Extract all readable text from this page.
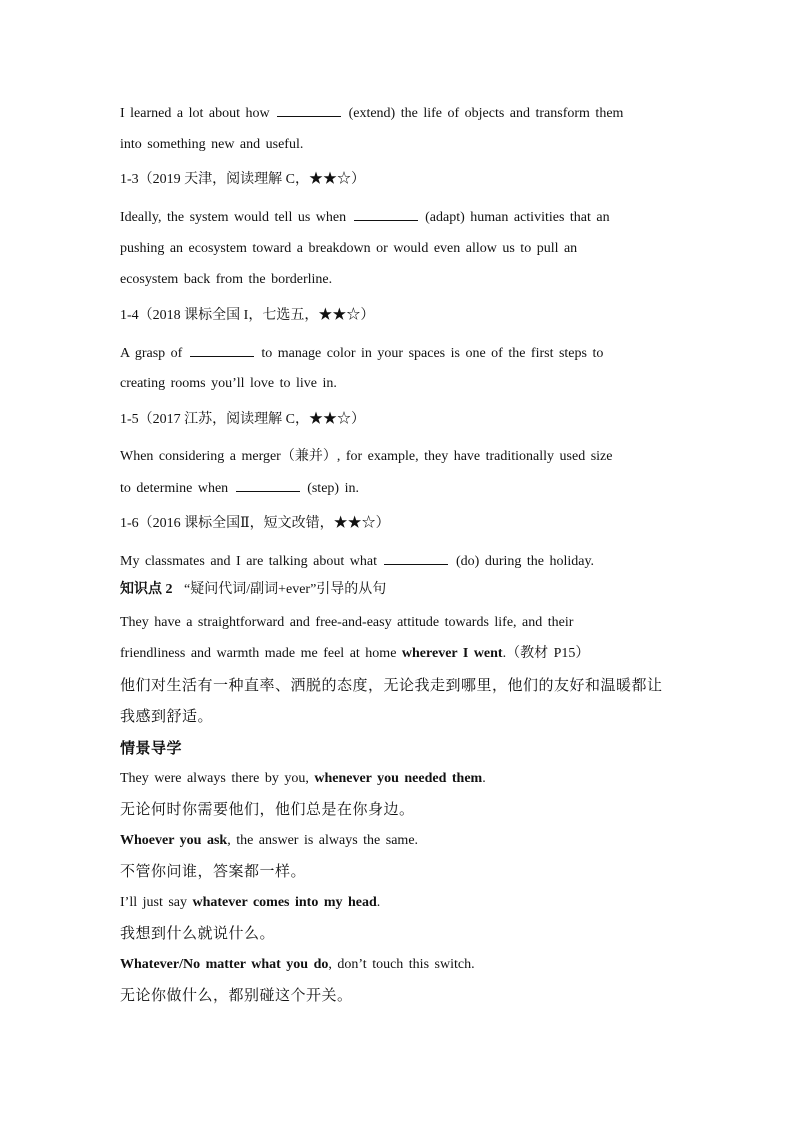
I learned a lot about how	(extend) the life of objects and transform them
into something new and useful.
1-3（2019 天津，阅读理解 C，★★☆）
Ideally, the system would tell us when	(adapt) human activities that an
pushing an ecosystem toward a breakdown or would even allow us to pull an
ecosystem back from the borderline.
1-4（2018 课标全国 I，七选五，★★☆）
A grasp of	to manage color in your spaces is one of the first steps to
creating rooms you’ll love to live in.
1-5（2017 江苏，阅读理解 C，★★☆）
When considering a merger（兼并）, for example, they have traditionally used size
to determine when	(step) in.
1-6（2016 课标全国Ⅱ，短文改错，★★☆）
My classmates and I are talking about what	(do) during the holiday.
知识点 2 “疑问代词/副词+ever”引导的从句
They have a straightforward and free-and-easy attitude towards life, and their
friendliness and warmth made me feel at home wherever I went.（教材 P15）
他们对生活有一种直率、洒脱的态度，无论我走到哪里，他们的友好和温暖都让
我感到舒适。
情景导学
They were always there by you, whenever you needed them.
无论何时你需要他们，他们总是在你身边。
Whoever you ask, the answer is always the same.
不管你问谁，答案都一样。
I’ll just say whatever comes into my head.
我想到什么就说什么。
Whatever/No matter what you do, don’t touch this switch.
无论你做什么，都别碰这个开关。
